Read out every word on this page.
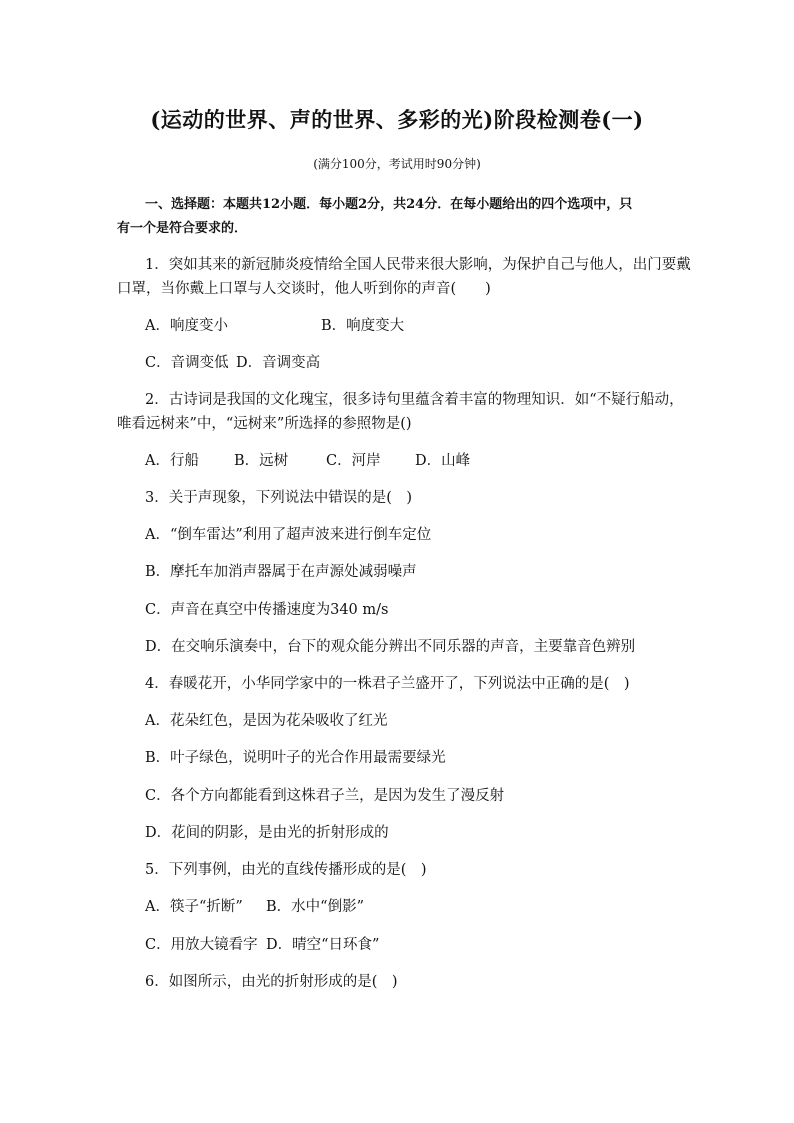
(运动的世界、声的世界、多彩的光)阶段检测卷(一)
(满分100分，考试用时90分钟)
一、选择题：本题共12小题．每小题2分，共24分．在每小题给出的四个选项中，只
有一个是符合要求的．
1．突如其来的新冠肺炎疫情给全国人民带来很大影响，为保护自己与他人，出门要戴
口罩，当你戴上口罩与人交谈时，他人听到你的声音(　　)
A．响度变小	B．响度变大
C．音调变低 D．音调变高
2．古诗词是我国的文化瑰宝，很多诗句里蕴含着丰富的物理知识．如“不疑行船动，
唯看远树来”中，“远树来”所选择的参照物是()
A．行船 B．远树	C．河岸 D．山峰
3．关于声现象，下列说法中错误的是(　)
A．“倒车雷达”利用了超声波来进行倒车定位
B．摩托车加消声器属于在声源处减弱噪声
C．声音在真空中传播速度为340 m/s
D．在交响乐演奏中，台下的观众能分辨出不同乐器的声音，主要靠音色辨别
4．春暖花开，小华同学家中的一株君子兰盛开了，下列说法中正确的是(　)
A．花朵红色，是因为花朵吸收了红光
B．叶子绿色，说明叶子的光合作用最需要绿光
C．各个方向都能看到这株君子兰，是因为发生了漫反射
D．花间的阴影，是由光的折射形成的
5．下列事例，由光的直线传播形成的是(　)
A．筷子“折断” B．水中“倒影”
C．用放大镜看字 D．晴空“日环食”
6．如图所示，由光的折射形成的是(　)
